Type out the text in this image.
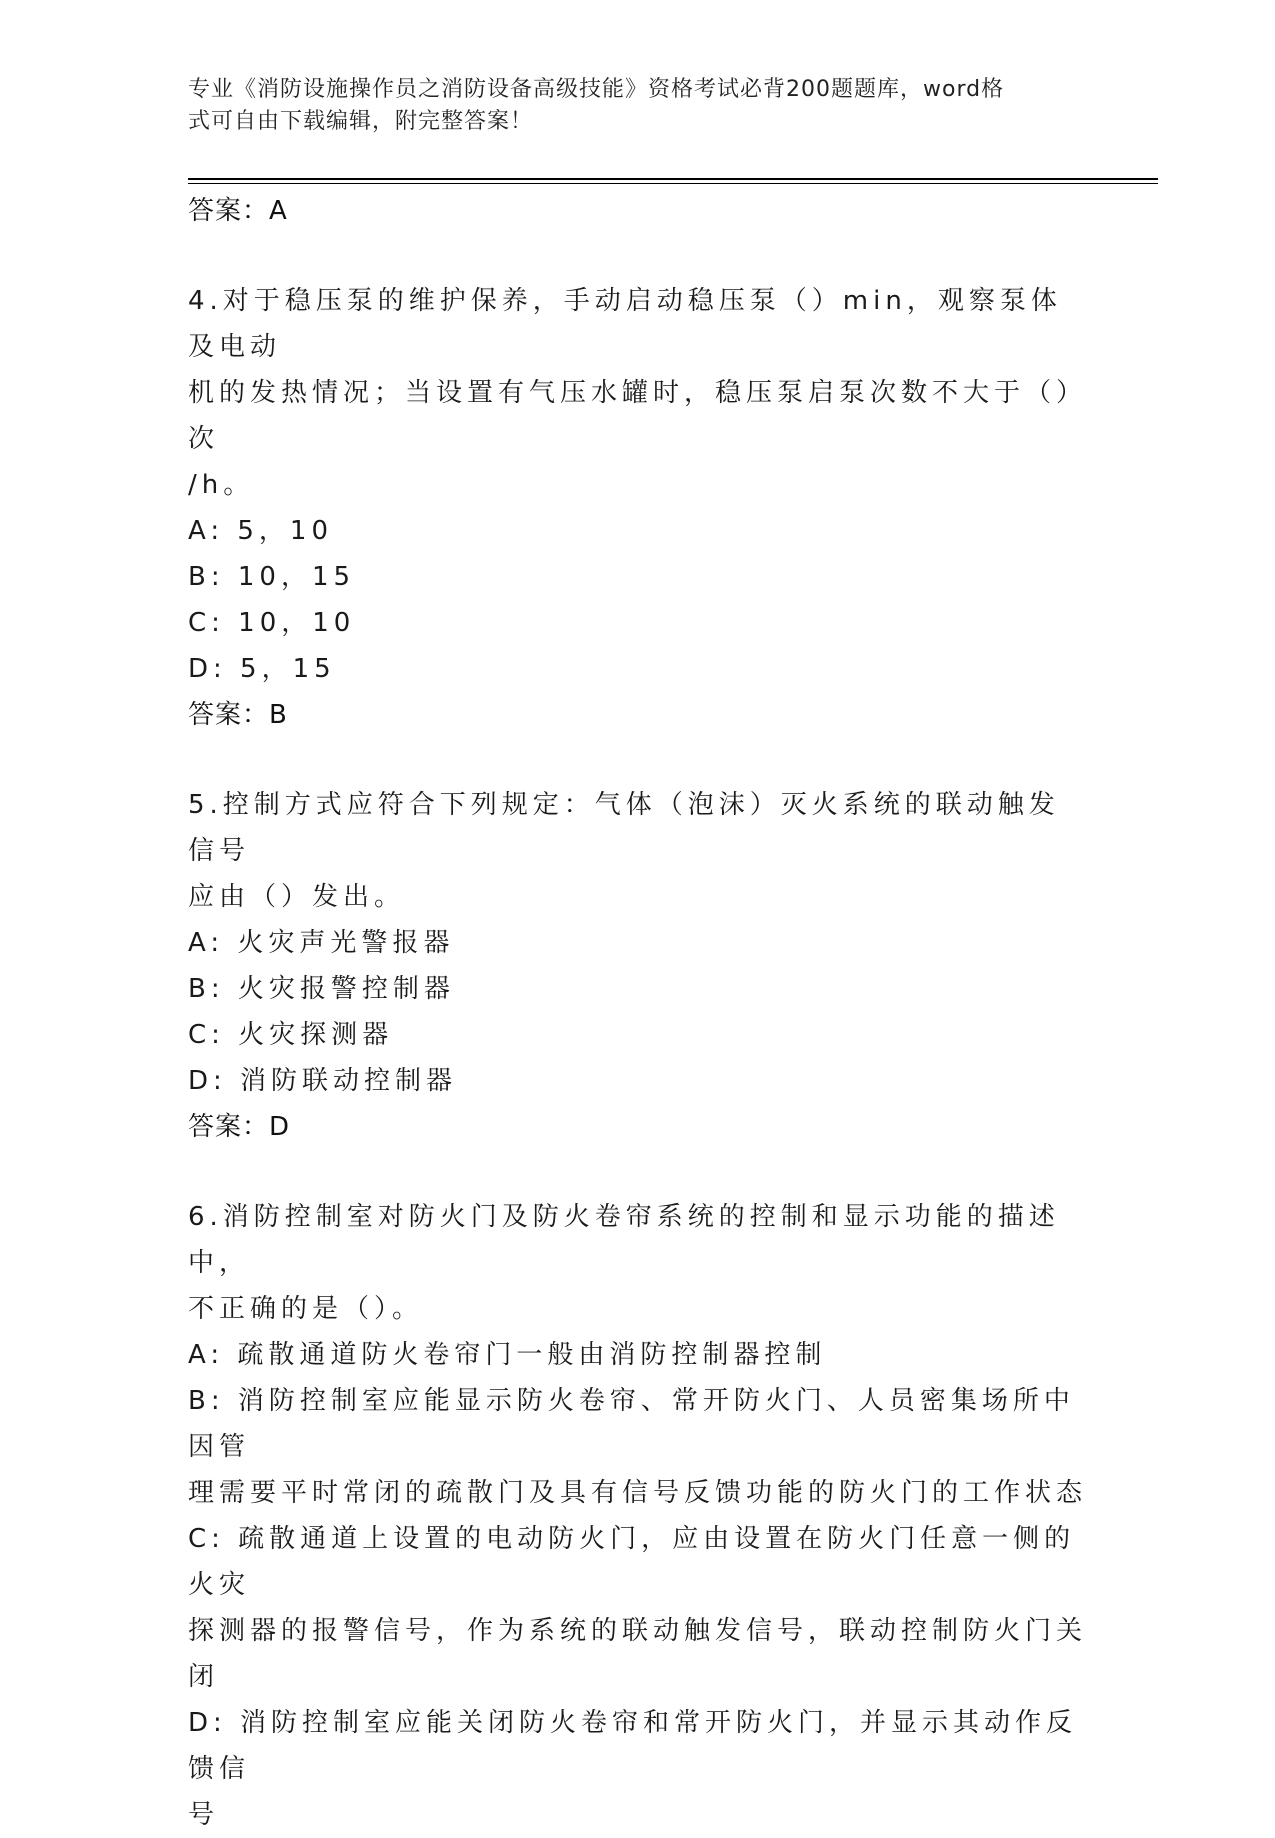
专业《消防设施操作员之消防设备高级技能》资格考试必背200题题库，word格
式可自由下载编辑，附完整答案！

答案：A

4.对于稳压泵的维护保养，手动启动稳压泵（）min，观察泵体及电动

机的发热情况；当设置有气压水罐时，稳压泵启泵次数不大于（）次

/h。

A: 5，10

B: 10，15

C: 10，10

D: 5，15

答案：B

5.控制方式应符合下列规定：气体（泡沫）灭火系统的联动触发信号

应由（）发出。

A: 火灾声光警报器

B: 火灾报警控制器

C: 火灾探测器

D: 消防联动控制器

答案：D

6.消防控制室对防火门及防火卷帘系统的控制和显示功能的描述中，

不正确的是（）。

A: 疏散通道防火卷帘门一般由消防控制器控制

B: 消防控制室应能显示防火卷帘、常开防火门、人员密集场所中因管

理需要平时常闭的疏散门及具有信号反馈功能的防火门的工作状态

C: 疏散通道上设置的电动防火门，应由设置在防火门任意一侧的火灾

探测器的报警信号，作为系统的联动触发信号，联动控制防火门关闭

D: 消防控制室应能关闭防火卷帘和常开防火门，并显示其动作反馈信

号
